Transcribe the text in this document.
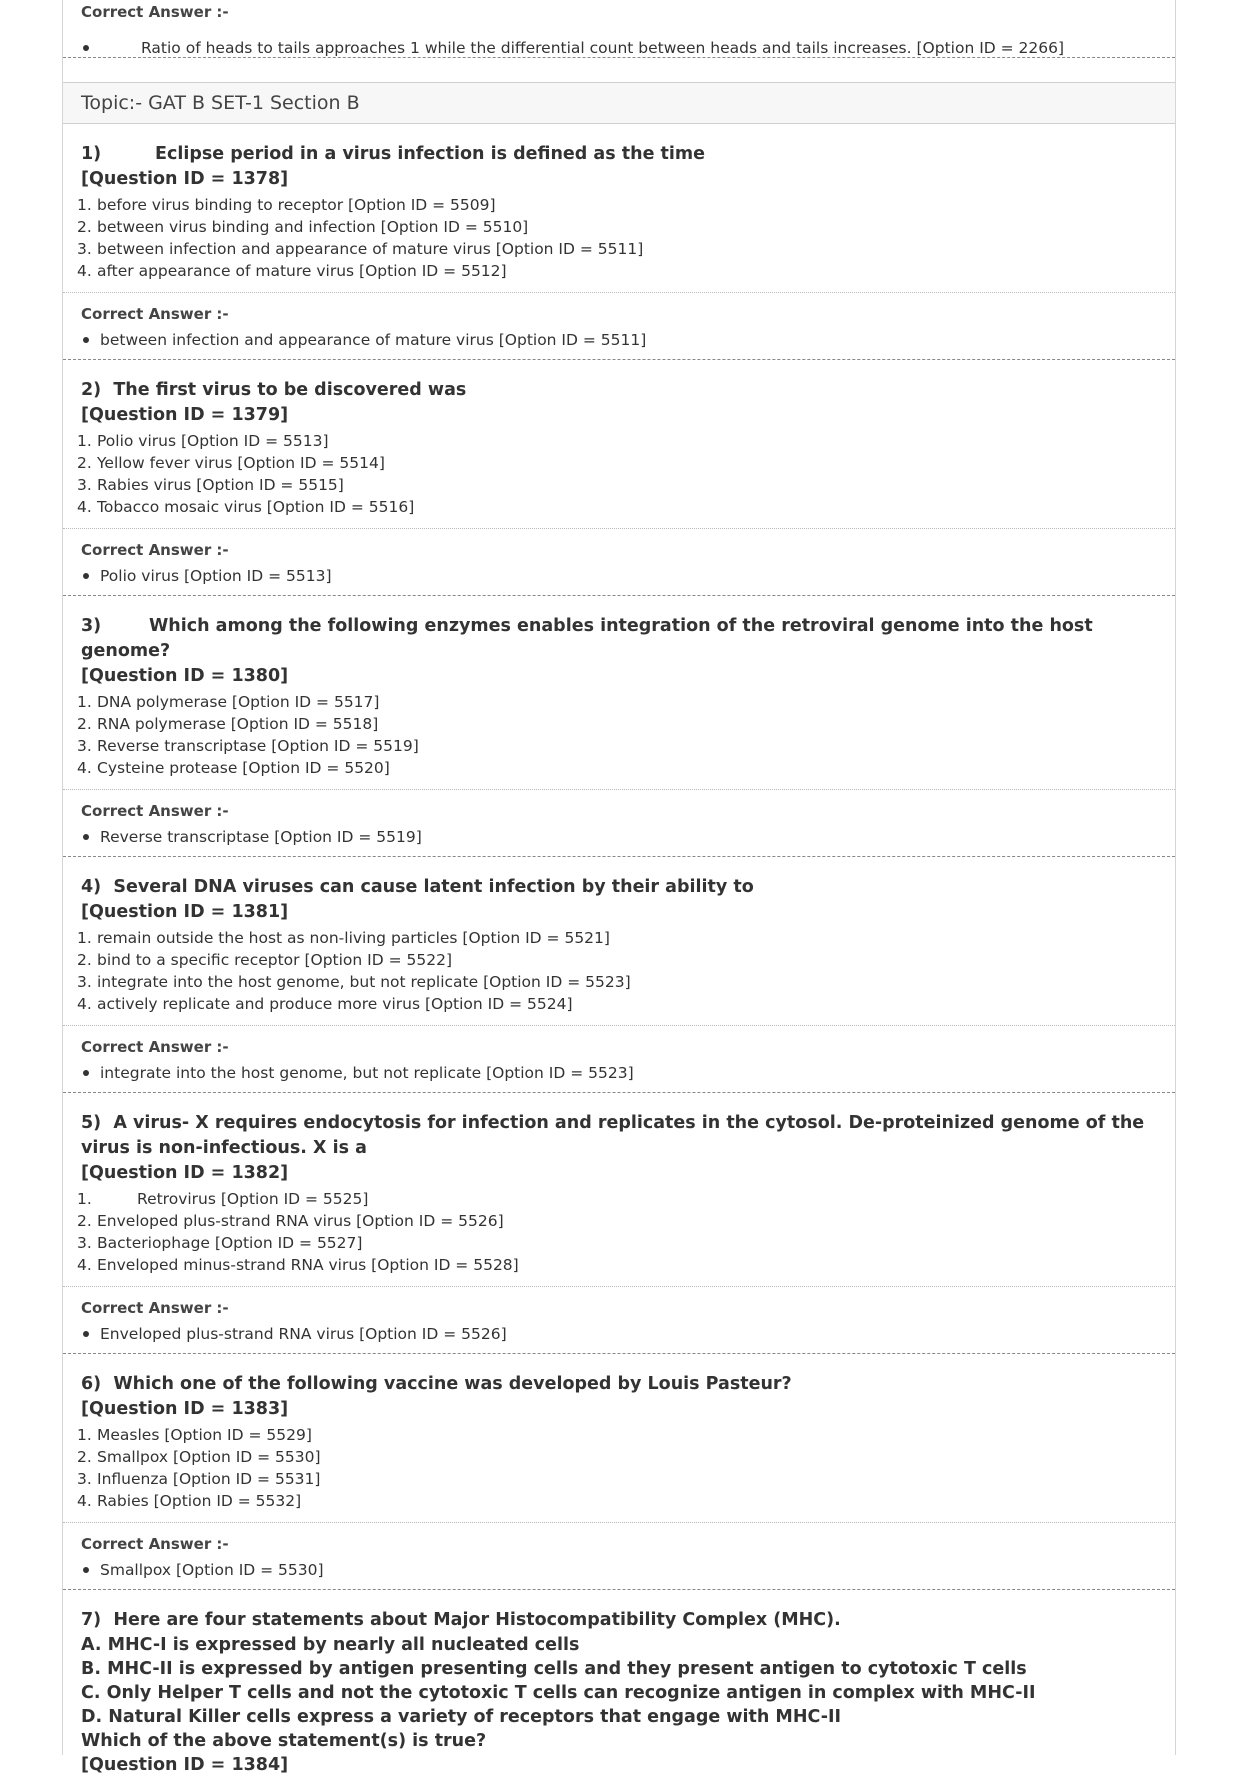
Correct Answer :-
Ratio of heads to tails approaches 1 while the differential count between heads and tails increases. [Option ID = 2266]
Topic:- GAT B SET-1 Section B
1)	Eclipse period in a virus infection is defined as the time
[Question ID = 1378]
1. before virus binding to receptor [Option ID = 5509]
2. between virus binding and infection [Option ID = 5510]
3. between infection and appearance of mature virus [Option ID = 5511]
4. after appearance of mature virus [Option ID = 5512]
Correct Answer :-
between infection and appearance of mature virus [Option ID = 5511]
2) The first virus to be discovered was
[Question ID = 1379]
1. Polio virus [Option ID = 5513]
2. Yellow fever virus [Option ID = 5514]
3. Rabies virus [Option ID = 5515]
4. Tobacco mosaic virus [Option ID = 5516]
Correct Answer :-
Polio virus [Option ID = 5513]
3)	Which among the following enzymes enables integration of the retroviral genome into the host genome?
[Question ID = 1380]
1. DNA polymerase [Option ID = 5517]
2. RNA polymerase [Option ID = 5518]
3. Reverse transcriptase [Option ID = 5519]
4. Cysteine protease [Option ID = 5520]
Correct Answer :-
Reverse transcriptase [Option ID = 5519]
4) Several DNA viruses can cause latent infection by their ability to
[Question ID = 1381]
1. remain outside the host as non-living particles [Option ID = 5521]
2. bind to a specific receptor [Option ID = 5522]
3. integrate into the host genome, but not replicate [Option ID = 5523]
4. actively replicate and produce more virus [Option ID = 5524]
Correct Answer :-
integrate into the host genome, but not replicate [Option ID = 5523]
5) A virus- X requires endocytosis for infection and replicates in the cytosol. De-proteinized genome of the virus is non-infectious. X is a
[Question ID = 1382]
1.	Retrovirus [Option ID = 5525]
2. Enveloped plus-strand RNA virus [Option ID = 5526]
3. Bacteriophage [Option ID = 5527]
4. Enveloped minus-strand RNA virus [Option ID = 5528]
Correct Answer :-
Enveloped plus-strand RNA virus [Option ID = 5526]
6) Which one of the following vaccine was developed by Louis Pasteur?
[Question ID = 1383]
1. Measles [Option ID = 5529]
2. Smallpox [Option ID = 5530]
3. Influenza [Option ID = 5531]
4. Rabies [Option ID = 5532]
Correct Answer :-
Smallpox [Option ID = 5530]
7) Here are four statements about Major Histocompatibility Complex (MHC).
A. MHC-I is expressed by nearly all nucleated cells
B. MHC-II is expressed by antigen presenting cells and they present antigen to cytotoxic T cells
C. Only Helper T cells and not the cytotoxic T cells can recognize antigen in complex with MHC-II
D. Natural Killer cells express a variety of receptors that engage with MHC-II
Which of the above statement(s) is true?
[Question ID = 1384]
